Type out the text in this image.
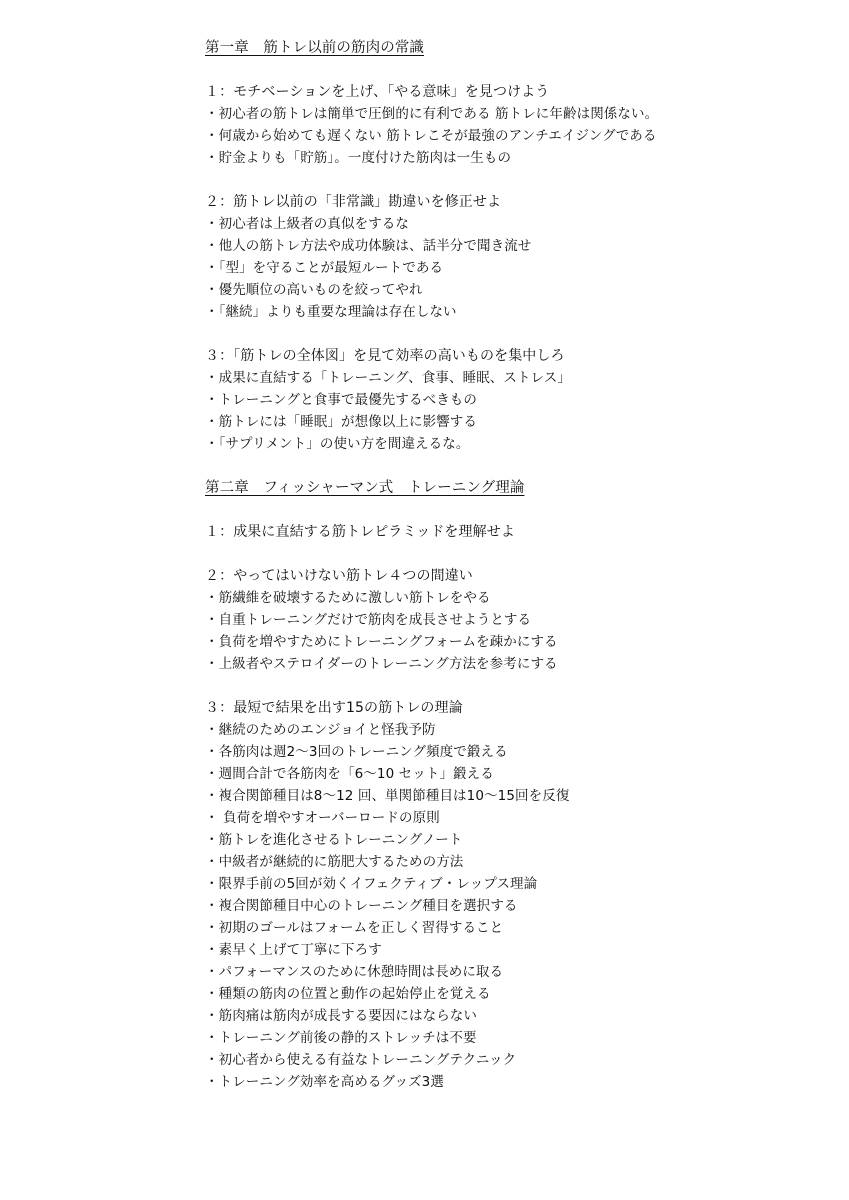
第一章　筋トレ以前の筋肉の常識
１：モチベーションを上げ、「やる意味」を見つけよう
・初心者の筋トレは簡単で圧倒的に有利である 筋トレに年齢は関係ない。
・何歳から始めても遅くない 筋トレこそが最強のアンチエイジングである
・貯金よりも「貯筋」。一度付けた筋肉は一生もの
２：筋トレ以前の「非常識」勘違いを修正せよ
・初心者は上級者の真似をするな
・他人の筋トレ方法や成功体験は、話半分で聞き流せ
・「型」を守ることが最短ルートである
・優先順位の高いものを絞ってやれ
・「継続」よりも重要な理論は存在しない
３：「筋トレの全体図」を見て効率の高いものを集中しろ
・成果に直結する「トレーニング、食事、睡眠、ストレス」
・トレーニングと食事で最優先するべきもの
・筋トレには「睡眠」が想像以上に影響する
・「サプリメント」の使い方を間違えるな。
第二章　フィッシャーマン式　トレーニング理論
１：成果に直結する筋トレピラミッドを理解せよ
２：やってはいけない筋トレ４つの間違い
・筋繊維を破壊するために激しい筋トレをやる
・自重トレーニングだけで筋肉を成長させようとする
・負荷を増やすためにトレーニングフォームを疎かにする
・上級者やステロイダーのトレーニング方法を参考にする
３：最短で結果を出す15の筋トレの理論
・継続のためのエンジョイと怪我予防
・各筋肉は週2〜3回のトレーニング頻度で鍛える
・週間合計で各筋肉を「6〜10 セット」鍛える
・複合関節種目は8〜12 回、単関節種目は10〜15回を反復
・ 負荷を増やすオーバーロードの原則
・筋トレを進化させるトレーニングノート
・中級者が継続的に筋肥大するための方法
・限界手前の5回が効くイフェクティブ・レップス理論
・複合関節種目中心のトレーニング種目を選択する
・初期のゴールはフォームを正しく習得すること
・素早く上げて丁寧に下ろす
・パフォーマンスのために休憩時間は長めに取る
・種類の筋肉の位置と動作の起始停止を覚える
・筋肉痛は筋肉が成長する要因にはならない
・トレーニング前後の静的ストレッチは不要
・初心者から使える有益なトレーニングテクニック
・トレーニング効率を高めるグッズ3選
